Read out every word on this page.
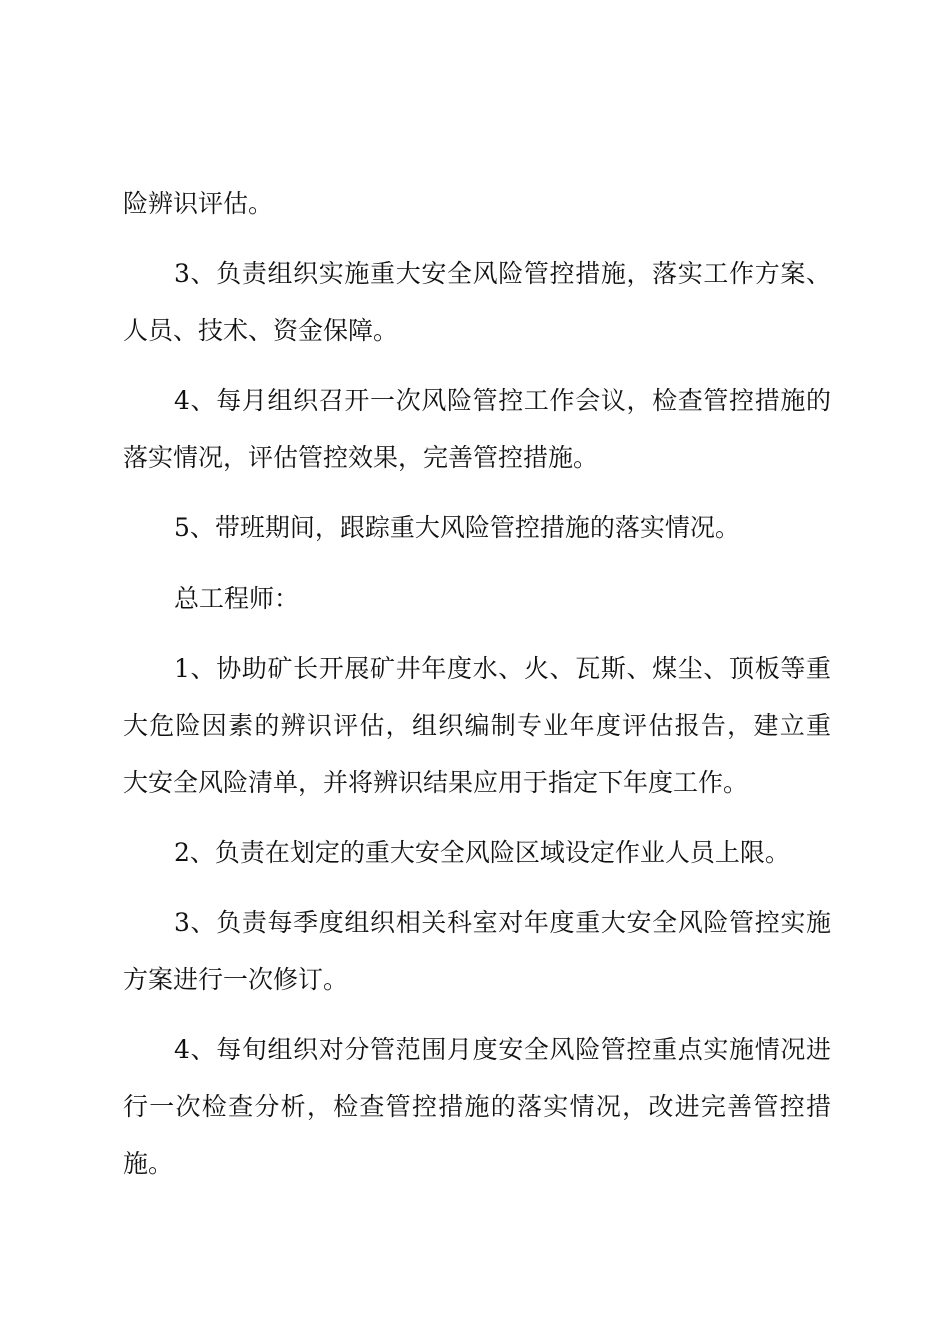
险辨识评估。
3、负责组织实施重大安全风险管控措施，落实工作方案、
人员、技术、资金保障。
4、每月组织召开一次风险管控工作会议，检查管控措施的
落实情况，评估管控效果，完善管控措施。
5、带班期间，跟踪重大风险管控措施的落实情况。
总工程师：
1、协助矿长开展矿井年度水、火、瓦斯、煤尘、顶板等重
大危险因素的辨识评估，组织编制专业年度评估报告，建立重
大安全风险清单，并将辨识结果应用于指定下年度工作。
2、负责在划定的重大安全风险区域设定作业人员上限。
3、负责每季度组织相关科室对年度重大安全风险管控实施
方案进行一次修订。
4、每旬组织对分管范围月度安全风险管控重点实施情况进
行一次检查分析，检查管控措施的落实情况，改进完善管控措
施。
